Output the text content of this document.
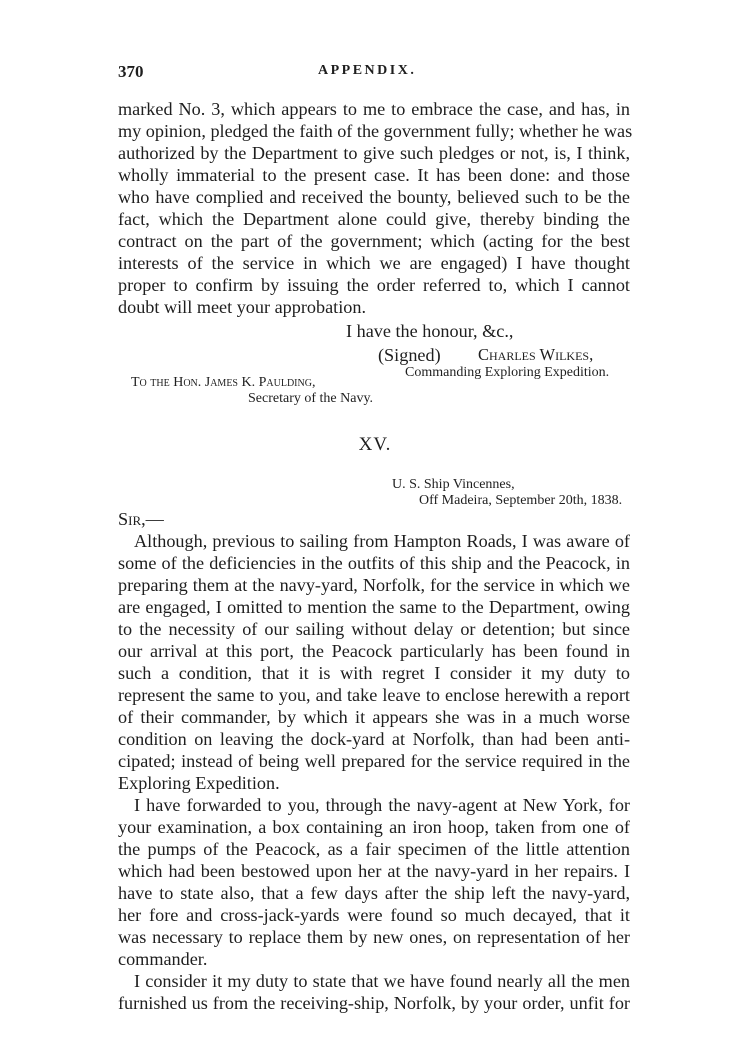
370	APPENDIX.
marked No. 3, which appears to me to embrace the case, and has, in
my opinion, pledged the faith of the government fully; whether he was
authorized by the Department to give such pledges or not, is, I think,
wholly immaterial to the present case. It has been done: and those
who have complied and received the bounty, believed such to be the
fact, which the Department alone could give, thereby binding the
contract on the part of the government; which (acting for the best
interests of the service in which we are engaged) I have thought
proper to confirm by issuing the order referred to, which I cannot
doubt will meet your approbation.
I have the honour, &c.,
(Signed) Charles Wilkes,
Commanding Exploring Expedition.
To the Hon. James K. Paulding,
Secretary of the Navy.
XV.
U. S. Ship Vincennes,
Off Madeira, September 20th, 1838.
Sir,—
Although, previous to sailing from Hampton Roads, I was aware of
some of the deficiencies in the outfits of this ship and the Peacock, in
preparing them at the navy-yard, Norfolk, for the service in which we
are engaged, I omitted to mention the same to the Department, owing
to the necessity of our sailing without delay or detention; but since
our arrival at this port, the Peacock particularly has been found in
such a condition, that it is with regret I consider it my duty to
represent the same to you, and take leave to enclose herewith a report
of their commander, by which it appears she was in a much worse
condition on leaving the dock-yard at Norfolk, than had been anti-
cipated; instead of being well prepared for the service required in the
Exploring Expedition.
I have forwarded to you, through the navy-agent at New York, for
your examination, a box containing an iron hoop, taken from one of
the pumps of the Peacock, as a fair specimen of the little attention
which had been bestowed upon her at the navy-yard in her repairs. I
have to state also, that a few days after the ship left the navy-yard,
her fore and cross-jack-yards were found so much decayed, that it
was necessary to replace them by new ones, on representation of her
commander.
I consider it my duty to state that we have found nearly all the men
furnished us from the receiving-ship, Norfolk, by your order, unfit for
